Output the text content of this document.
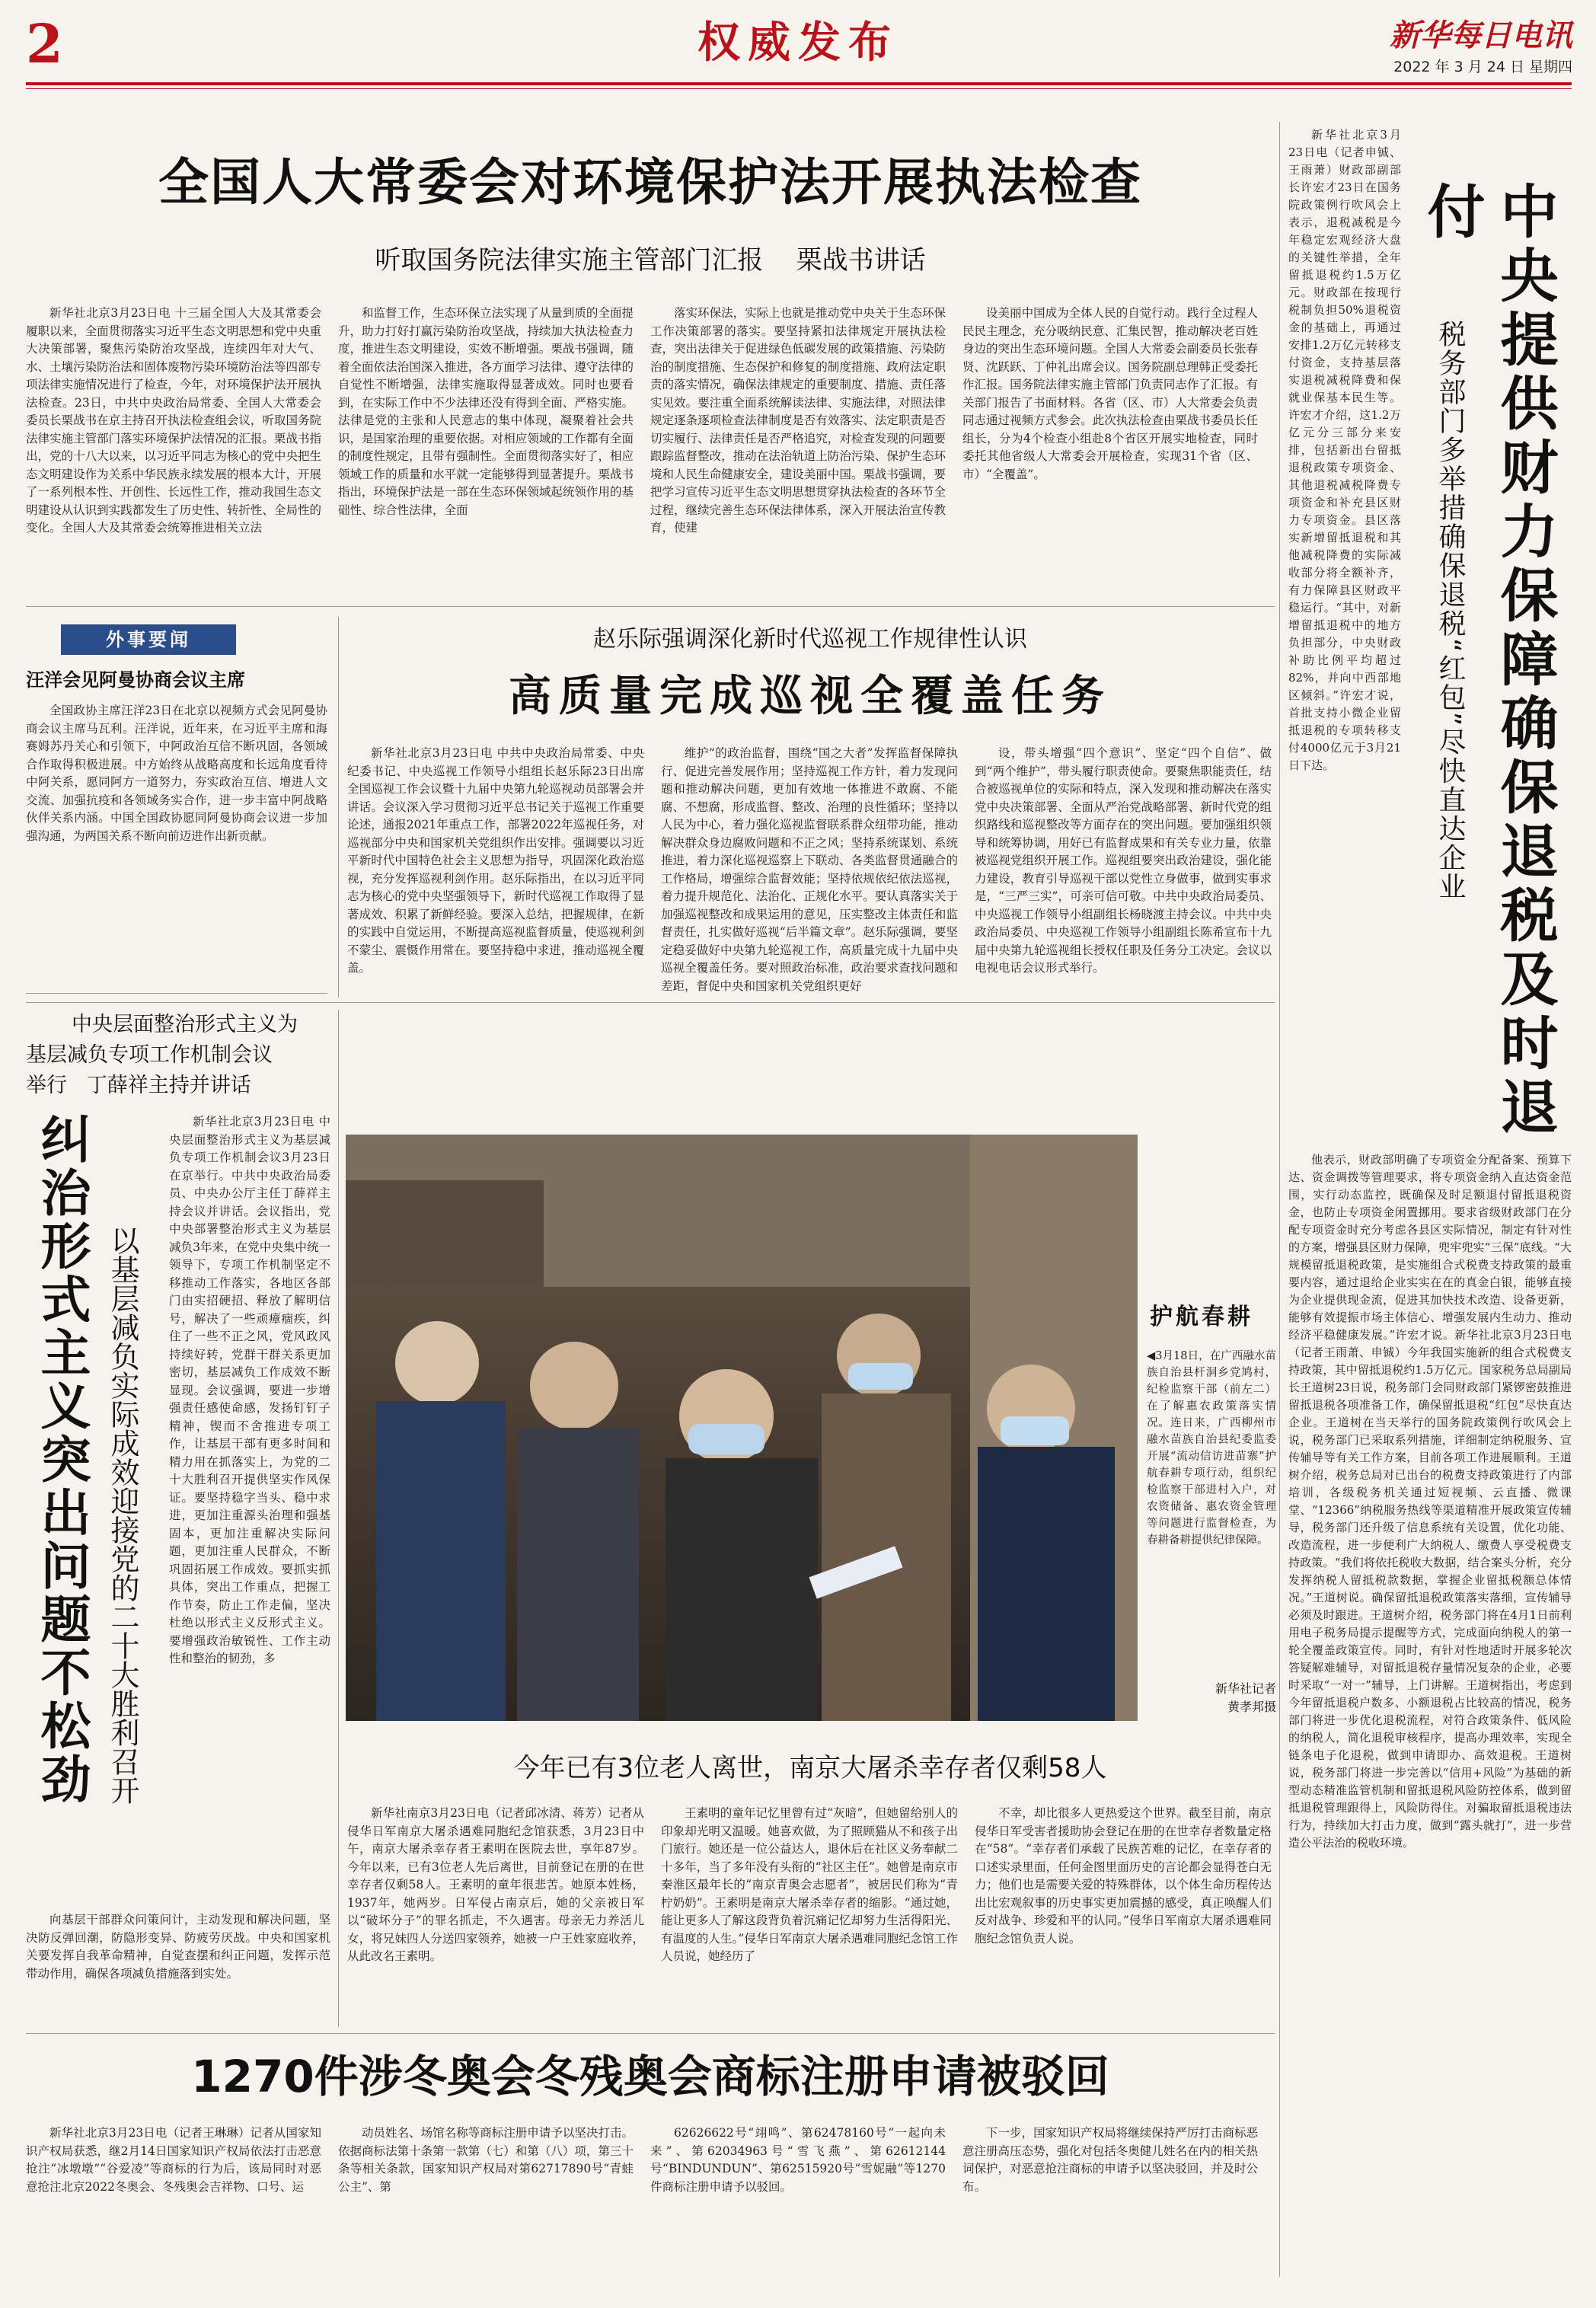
2	权威发布	新华每日电讯
2022 年 3 月 24 日 星期四
全国人大常委会对环境保护法开展执法检查
听取国务院法律实施主管部门汇报    栗战书讲话

新华社北京3月23日电 十三届全国人大及其常委会履职以来，全面贯彻落实习近平生态文明思想和党中央重大决策部署，聚焦污染防治攻坚战，连续四年对大气、水、土壤污染防治法和固体废物污染环境防治法等四部专项法律实施情况进行了检查，今年，对环境保护法开展执法检查。23日，中共中央政治局常委、全国人大常委会委员长栗战书在京主持召开执法检查组会议，听取国务院法律实施主管部门落实环境保护法情况的汇报。栗战书指出，党的十八大以来，以习近平同志为核心的党中央把生态文明建设作为关系中华民族永续发展的根本大计，开展了一系列根本性、开创性、长远性工作，推动我国生态文明建设从认识到实践都发生了历史性、转折性、全局性的变化。全国人大及其常委会统筹推进相关立法

和监督工作，生态环保立法实现了从量到质的全面提升，助力打好打赢污染防治攻坚战，持续加大执法检查力度，推进生态文明建设，实效不断增强。栗战书强调，随着全面依法治国深入推进，各方面学习法律、遵守法律的自觉性不断增强，法律实施取得显著成效。同时也要看到，在实际工作中不少法律还没有得到全面、严格实施。法律是党的主张和人民意志的集中体现，凝聚着社会共识，是国家治理的重要依据。对相应领域的工作都有全面的制度性规定，且带有强制性。全面贯彻落实好了，相应领域工作的质量和水平就一定能够得到显著提升。栗战书指出，环境保护法是一部在生态环保领域起统领作用的基础性、综合性法律，全面

落实环保法，实际上也就是推动党中央关于生态环保工作决策部署的落实。要坚持紧扣法律规定开展执法检查，突出法律关于促进绿色低碳发展的政策措施、污染防治的制度措施、生态保护和修复的制度措施、政府法定职责的落实情况，确保法律规定的重要制度、措施、责任落实见效。要注重全面系统解读法律、实施法律，对照法律规定逐条逐项检查法律制度是否有效落实、法定职责是否切实履行、法律责任是否严格追究，对检查发现的问题要跟踪监督整改，推动在法治轨道上防治污染、保护生态环境和人民生命健康安全，建设美丽中国。栗战书强调，要把学习宣传习近平生态文明思想贯穿执法检查的各环节全过程，继续完善生态环保法律体系，深入开展法治宣传教育，使建

设美丽中国成为全体人民的自觉行动。践行全过程人民民主理念，充分吸纳民意、汇集民智，推动解决老百姓身边的突出生态环境问题。全国人大常委会副委员长张春贤、沈跃跃、丁仲礼出席会议。国务院副总理韩正受委托作汇报。国务院法律实施主管部门负责同志作了汇报。有关部门报告了书面材料。各省（区、市）人大常委会负责同志通过视频方式参会。此次执法检查由栗战书委员长任组长，分为4个检查小组赴8个省区开展实地检查，同时委托其他省级人大常委会开展检查，实现31个省（区、市）“全覆盖”。

外事要闻
汪洋会见阿曼协商会议主席

全国政协主席汪洋23日在北京以视频方式会见阿曼协商会议主席马瓦利。汪洋说，近年来，在习近平主席和海赛姆苏丹关心和引领下，中阿政治互信不断巩固，各领域合作取得积极进展。中方始终从战略高度和长远角度看待中阿关系，愿同阿方一道努力，夯实政治互信、增进人文交流、加强抗疫和各领域务实合作，进一步丰富中阿战略伙伴关系内涵。中国全国政协愿同阿曼协商会议进一步加强沟通，为两国关系不断向前迈进作出新贡献。

赵乐际强调深化新时代巡视工作规律性认识
高质量完成巡视全覆盖任务

新华社北京3月23日电 中共中央政治局常委、中央纪委书记、中央巡视工作领导小组组长赵乐际23日出席全国巡视工作会议暨十九届中央第九轮巡视动员部署会并讲话。会议深入学习贯彻习近平总书记关于巡视工作重要论述，通报2021年重点工作，部署2022年巡视任务，对巡视部分中央和国家机关党组织作出安排。强调要以习近平新时代中国特色社会主义思想为指导，巩固深化政治巡视，充分发挥巡视利剑作用。赵乐际指出，在以习近平同志为核心的党中央坚强领导下，新时代巡视工作取得了显著成效、积累了新鲜经验。要深入总结，把握规律，在新的实践中自觉运用，不断提高巡视监督质量，使巡视利剑不蒙尘、震慑作用常在。要坚持稳中求进，推动巡视全覆盖。

维护”的政治监督，围绕“国之大者”发挥监督保障执行、促进完善发展作用；坚持巡视工作方针，着力发现问题和推动解决问题，更加有效地一体推进不敢腐、不能腐、不想腐，形成监督、整改、治理的良性循环；坚持以人民为中心，着力强化巡视监督联系群众纽带功能，推动解决群众身边腐败问题和不正之风；坚持系统谋划、系统推进，着力深化巡视巡察上下联动、各类监督贯通融合的工作格局，增强综合监督效能；坚持依规依纪依法巡视，着力提升规范化、法治化、正规化水平。要认真落实关于加强巡视整改和成果运用的意见，压实整改主体责任和监督责任，扎实做好巡视“后半篇文章”。赵乐际强调，要坚定稳妥做好中央第九轮巡视工作，高质量完成十九届中央巡视全覆盖任务。要对照政治标准，政治要求查找问题和差距，督促中央和国家机关党组织更好

设，带头增强“四个意识”、坚定“四个自信”、做到“两个维护”，带头履行职责使命。要聚焦职能责任，结合被巡视单位的实际和特点，深入发现和推动解决在落实党中央决策部署、全面从严治党战略部署、新时代党的组织路线和巡视整改等方面存在的突出问题。要加强组织领导和统筹协调，用好已有监督成果和有关专业力量，依靠被巡视党组织开展工作。巡视组要突出政治建设，强化能力建设，教育引导巡视干部以党性立身做事，做到实事求是，“三严三实”，可亲可信可敬。中共中央政治局委员、中央巡视工作领导小组副组长杨晓渡主持会议。中共中央政治局委员、中央巡视工作领导小组副组长陈希宣布十九届中央第九轮巡视组长授权任职及任务分工决定。会议以电视电话会议形式举行。

中央层面整治形式主义为
基层减负专项工作机制会议
举行   丁薛祥主持并讲话
纠治形式主义突出问题不松劲 以基层减负实际成效迎接党的二十大胜利召开

新华社北京3月23日电 中央层面整治形式主义为基层减负专项工作机制会议3月23日在京举行。中共中央政治局委员、中央办公厅主任丁薛祥主持会议并讲话。会议指出，党中央部署整治形式主义为基层减负3年来，在党中央集中统一领导下，专项工作机制坚定不移推动工作落实，各地区各部门由实招硬招、释放了解明信号，解决了一些顽瘴痼疾，纠住了一些不正之风，党风政风持续好转，党群干群关系更加密切，基层减负工作成效不断显现。会议强调，要进一步增强责任感使命感，发扬钉钉子精神，锲而不舍推进专项工作，让基层干部有更多时间和精力用在抓落实上，为党的二十大胜利召开提供坚实作风保证。要坚持稳字当头、稳中求进，更加注重源头治理和强基固本，更加注重解决实际问题，更加注重人民群众，不断巩固拓展工作成效。要抓实抓具体，突出工作重点，把握工作节奏，防止工作走偏，坚决杜绝以形式主义反形式主义。要增强政治敏锐性、工作主动性和整治的韧劲，多

向基层干部群众问策问计，主动发现和解决问题，坚决防反弹回潮，防隐形变异、防疲劳厌战。中央和国家机关要发挥自我革命精神，自觉查摆和纠正问题，发挥示范带动作用，确保各项减负措施落到实处。

护航春耕
◀3月18日，在广西融水苗族自治县杆洞乡党鸠村，纪检监察干部（前左二）在了解惠农政策落实情况。连日来，广西柳州市融水苗族自治县纪委监委开展“流动信访进苗寨”护航春耕专项行动，组织纪检监察干部进村入户，对农资储备、惠农资金管理等问题进行监督检查，为春耕备耕提供纪律保障。
新华社记者
黄孝邦摄
今年已有3位老人离世，南京大屠杀幸存者仅剩58人

新华社南京3月23日电（记者邱冰清、蒋芳）记者从侵华日军南京大屠杀遇难同胞纪念馆获悉，3月23日中午，南京大屠杀幸存者王素明在医院去世，享年87岁。今年以来，已有3位老人先后离世，目前登记在册的在世幸存者仅剩58人。王素明的童年很悲苦。她原本姓杨，1937年，她两岁。日军侵占南京后，她的父亲被日军以“破坏分子”的罪名抓走，不久遇害。母亲无力养活儿女，将兄妹四人分送四家领养，她被一户王姓家庭收养，从此改名王素明。

王素明的童年记忆里曾有过“灰暗”，但她留给别人的印象却光明又温暖。她喜欢做，为了照顾猫从不和孩子出门旅行。她还是一位公益达人，退休后在社区义务奉献二十多年，当了多年没有头衔的“社区主任”。她曾是南京市秦淮区最年长的“南京青奥会志愿者”，被居民们称为“青柠奶奶”。王素明是南京大屠杀幸存者的缩影。“通过她，能让更多人了解这段背负着沉痛记忆却努力生活得阳光、有温度的人生。”侵华日军南京大屠杀遇难同胞纪念馆工作人员说，她经历了

不幸，却比很多人更热爱这个世界。截至目前，南京侵华日军受害者援助协会登记在册的在世幸存者数量定格在“58”。“幸存者们承载了民族苦难的记忆，在幸存者的口述实录里面，任何金图里面历史的言论都会显得苍白无力；他们也是需要关爱的特殊群体，以个体生命历程传达出比宏观叙事的历史事实更加震撼的感受，真正唤醒人们反对战争、珍爱和平的认同。”侵华日军南京大屠杀遇难同胞纪念馆负责人说。

1270件涉冬奥会冬残奥会商标注册申请被驳回

新华社北京3月23日电（记者王琳琳）记者从国家知识产权局获悉，继2月14日国家知识产权局依法打击恶意抢注“冰墩墩”“谷爱凌”等商标的行为后，该局同时对恶意抢注北京2022冬奥会、冬残奥会吉祥物、口号、运

动员姓名、场馆名称等商标注册申请予以坚决打击。依据商标法第十条第一款第（七）和第（八）项，第三十条等相关条款，国家知识产权局对第62717890号“青蛙公主”、第

62626622号“翊鸣”、第62478160号“一起向未来”、第62034963号“雪飞燕”、第62612144号“BINDUNDUN”、第62515920号“雪妮融”等1270件商标注册申请予以驳回。

下一步，国家知识产权局将继续保持严厉打击商标恶意注册高压态势，强化对包括冬奥健儿姓名在内的相关热词保护，对恶意抢注商标的申请予以坚决驳回，并及时公布。

新华社北京3月23日电（记者申铖、王雨萧）财政部副部长许宏才23日在国务院政策例行吹风会上表示，退税减税是今年稳定宏观经济大盘的关键性举措，全年留抵退税约1.5万亿元。财政部在按现行税制负担50%退税资金的基础上，再通过安排1.2万亿元转移支付资金，支持基层落实退税减税降费和保就业保基本民生等。许宏才介绍，这1.2万亿元分三部分来安排，包括新出台留抵退税政策专项资金、其他退税减税降费专项资金和补充县区财力专项资金。县区落实新增留抵退税和其他减税降费的实际减收部分将全额补齐，有力保障县区财政平稳运行。“其中，对新增留抵退税中的地方负担部分，中央财政补助比例平均超过82%，并向中西部地区倾斜。”许宏才说，首批支持小微企业留抵退税的专项转移支付4000亿元于3月21日下达。	中央提供财力保障确保退税及时退付
税务部门多举措确保退税“红包”尽快直达企业

他表示，财政部明确了专项资金分配备案、预算下达、资金调拨等管理要求，将专项资金纳入直达资金范围，实行动态监控，既确保及时足额退付留抵退税资金，也防止专项资金闲置挪用。要求省级财政部门在分配专项资金时充分考虑各县区实际情况，制定有针对性的方案，增强县区财力保障，兜牢兜实“三保”底线。“大规模留抵退税政策，是实施组合式税费支持政策的最重要内容，通过退给企业实实在在的真金白银，能够直接为企业提供现金流，促进其加快技术改造、设备更新，能够有效提振市场主体信心、增强发展内生动力、推动经济平稳健康发展。”许宏才说。新华社北京3月23日电（记者王雨萧、申铖）今年我国实施新的组合式税费支持政策，其中留抵退税约1.5万亿元。国家税务总局副局长王道树23日说，税务部门会同财政部门紧锣密鼓推进留抵退税各项准备工作，确保留抵退税“红包”尽快直达企业。王道树在当天举行的国务院政策例行吹风会上说，税务部门已采取系列措施，详细制定纳税服务、宣传辅导等有关工作方案，目前各项工作进展顺利。王道树介绍，税务总局对已出台的税费支持政策进行了内部培训，各级税务机关通过短视频、云直播、微课堂、“12366”纳税服务热线等渠道精准开展政策宣传辅导，税务部门还升级了信息系统有关设置，优化功能、改造流程，进一步便利广大纳税人、缴费人享受税费支持政策。“我们将依托税收大数据，结合案头分析，充分发挥纳税人留抵税款数据，掌握企业留抵税额总体情况。”王道树说。确保留抵退税政策落实落细，宣传辅导必须及时跟进。王道树介绍，税务部门将在4月1日前利用电子税务局提示提醒等方式，完成面向纳税人的第一轮全覆盖政策宣传。同时，有针对性地适时开展多轮次答疑解难辅导，对留抵退税存量情况复杂的企业，必要时采取“一对一”辅导，上门讲解。王道树指出，考虑到今年留抵退税户数多、小额退税占比较高的情况，税务部门将进一步优化退税流程，对符合政策条件、低风险的纳税人，简化退税审核程序，提高办理效率，实现全链条电子化退税，做到申请即办、高效退税。王道树说，税务部门将进一步完善以“信用+风险”为基础的新型动态精准监管机制和留抵退税风险防控体系，做到留抵退税管理跟得上，风险防得住。对骗取留抵退税违法行为，持续加大打击力度，做到“露头就打”，进一步营造公平法治的税收环境。
